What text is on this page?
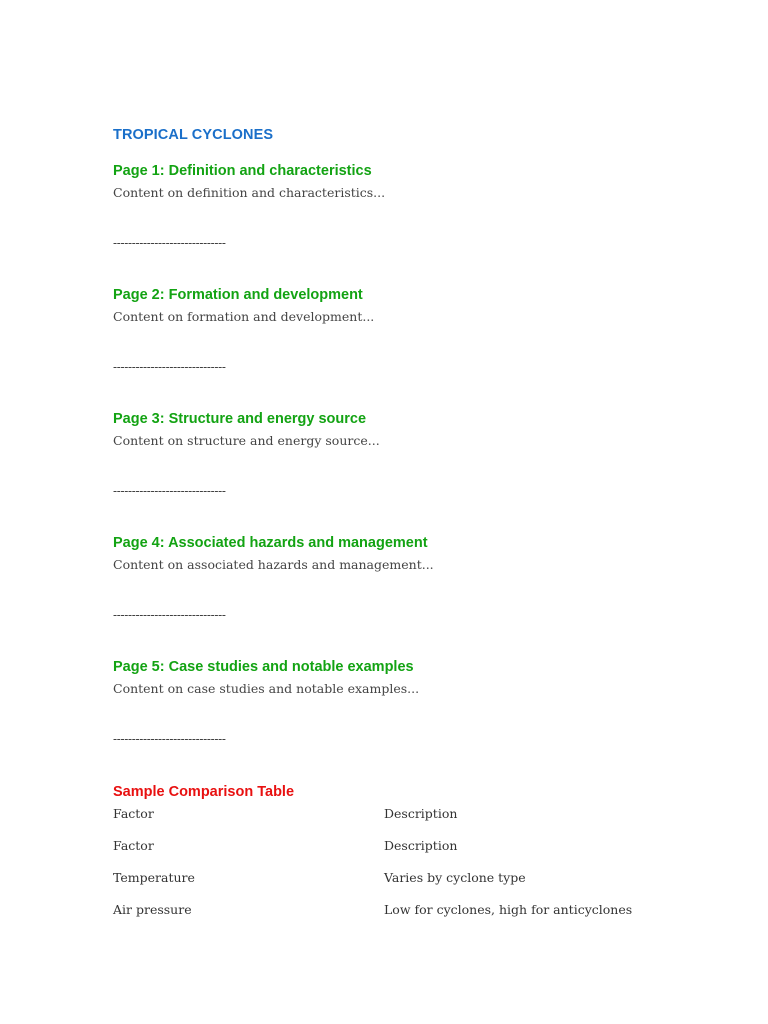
TROPICAL CYCLONES
Page 1: Definition and characteristics
Content on definition and characteristics...
------------------------------
Page 2: Formation and development
Content on formation and development...
------------------------------
Page 3: Structure and energy source
Content on structure and energy source...
------------------------------
Page 4: Associated hazards and management
Content on associated hazards and management...
------------------------------
Page 5: Case studies and notable examples
Content on case studies and notable examples...
------------------------------
Sample Comparison Table
Factor	Description
Factor	Description
Temperature	Varies by cyclone type
Air pressure	Low for cyclones, high for anticyclones
